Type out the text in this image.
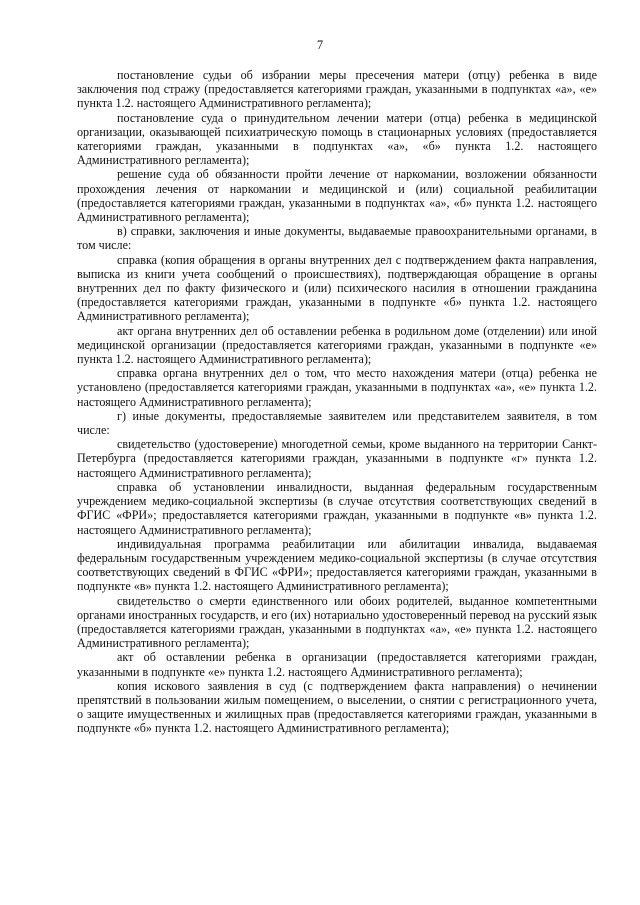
7

постановление судьи об избрании меры пресечения матери (отцу) ребенка в виде заключения под стражу (предоставляется категориями граждан, указанными в подпунктах «а», «е» пункта 1.2. настоящего Административного регламента);

постановление суда о принудительном лечении матери (отца) ребенка в медицинской организации, оказывающей психиатрическую помощь в стационарных условиях (предоставляется категориями граждан, указанными в подпунктах «а», «б» пункта 1.2. настоящего Административного регламента);

решение суда об обязанности пройти лечение от наркомании, возложении обязанности прохождения лечения от наркомании и медицинской и (или) социальной реабилитации (предоставляется категориями граждан, указанными в подпунктах «а», «б» пункта 1.2. настоящего Административного регламента);

в) справки, заключения и иные документы, выдаваемые правоохранительными органами, в том числе:

справка (копия обращения в органы внутренних дел с подтверждением факта направления, выписка из книги учета сообщений о происшествиях), подтверждающая обращение в органы внутренних дел по факту физического и (или) психического насилия в отношении гражданина (предоставляется категориями граждан, указанными в подпункте «б» пункта 1.2. настоящего Административного регламента);

акт органа внутренних дел об оставлении ребенка в родильном доме (отделении) или иной медицинской организации (предоставляется категориями граждан, указанными в подпункте «е» пункта 1.2. настоящего Административного регламента);

справка органа внутренних дел о том, что место нахождения матери (отца) ребенка не установлено (предоставляется категориями граждан, указанными в подпунктах «а», «е» пункта 1.2. настоящего Административного регламента);

г) иные документы, предоставляемые заявителем или представителем заявителя, в том числе:

свидетельство (удостоверение) многодетной семьи, кроме выданного на территории Санкт-Петербурга (предоставляется категориями граждан, указанными в подпункте «г» пункта 1.2. настоящего Административного регламента);

справка об установлении инвалидности, выданная федеральным государственным учреждением медико-социальной экспертизы (в случае отсутствия соответствующих сведений в ФГИС «ФРИ»; предоставляется категориями граждан, указанными в подпункте «в» пункта 1.2. настоящего Административного регламента);

индивидуальная программа реабилитации или абилитации инвалида, выдаваемая федеральным государственным учреждением медико-социальной экспертизы (в случае отсутствия соответствующих сведений в ФГИС «ФРИ»; предоставляется категориями граждан, указанными в подпункте «в» пункта 1.2. настоящего Административного регламента);

свидетельство о смерти единственного или обоих родителей, выданное компетентными органами иностранных государств, и его (их) нотариально удостоверенный перевод на русский язык (предоставляется категориями граждан, указанными в подпунктах «а», «е» пункта 1.2. настоящего Административного регламента);

акт об оставлении ребенка в организации (предоставляется категориями граждан, указанными в подпункте «е» пункта 1.2. настоящего Административного регламента);

копия искового заявления в суд (с подтверждением факта направления) о нечинении препятствий в пользовании жилым помещением, о выселении, о снятии с регистрационного учета, о защите имущественных и жилищных прав (предоставляется категориями граждан, указанными в подпункте «б» пункта 1.2. настоящего Административного регламента);
